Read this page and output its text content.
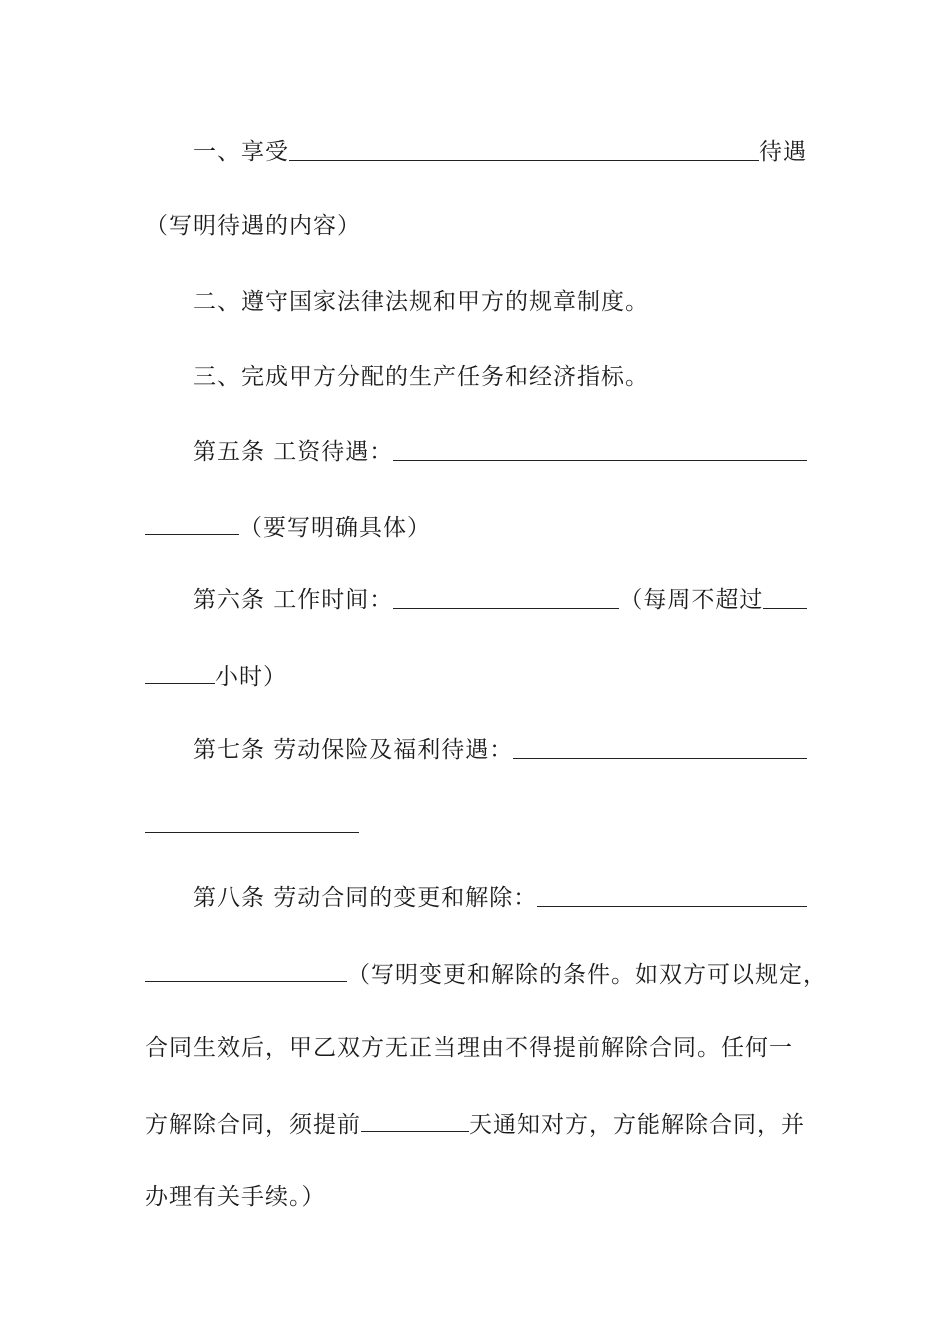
一、享受	待遇
（写明待遇的内容）
二、遵守国家法律法规和甲方的规章制度。
三、完成甲方分配的生产任务和经济指标。
第五条 工资待遇：
（要写明确具体）
第六条 工作时间：	（每周不超过
小时）
第七条 劳动保险及福利待遇：
第八条 劳动合同的变更和解除：
（写明变更和解除的条件。如双方可以规定，
合同生效后，甲乙双方无正当理由不得提前解除合同。任何一
方解除合同，须提前	天通知对方，方能解除合同，并
办理有关手续。）
